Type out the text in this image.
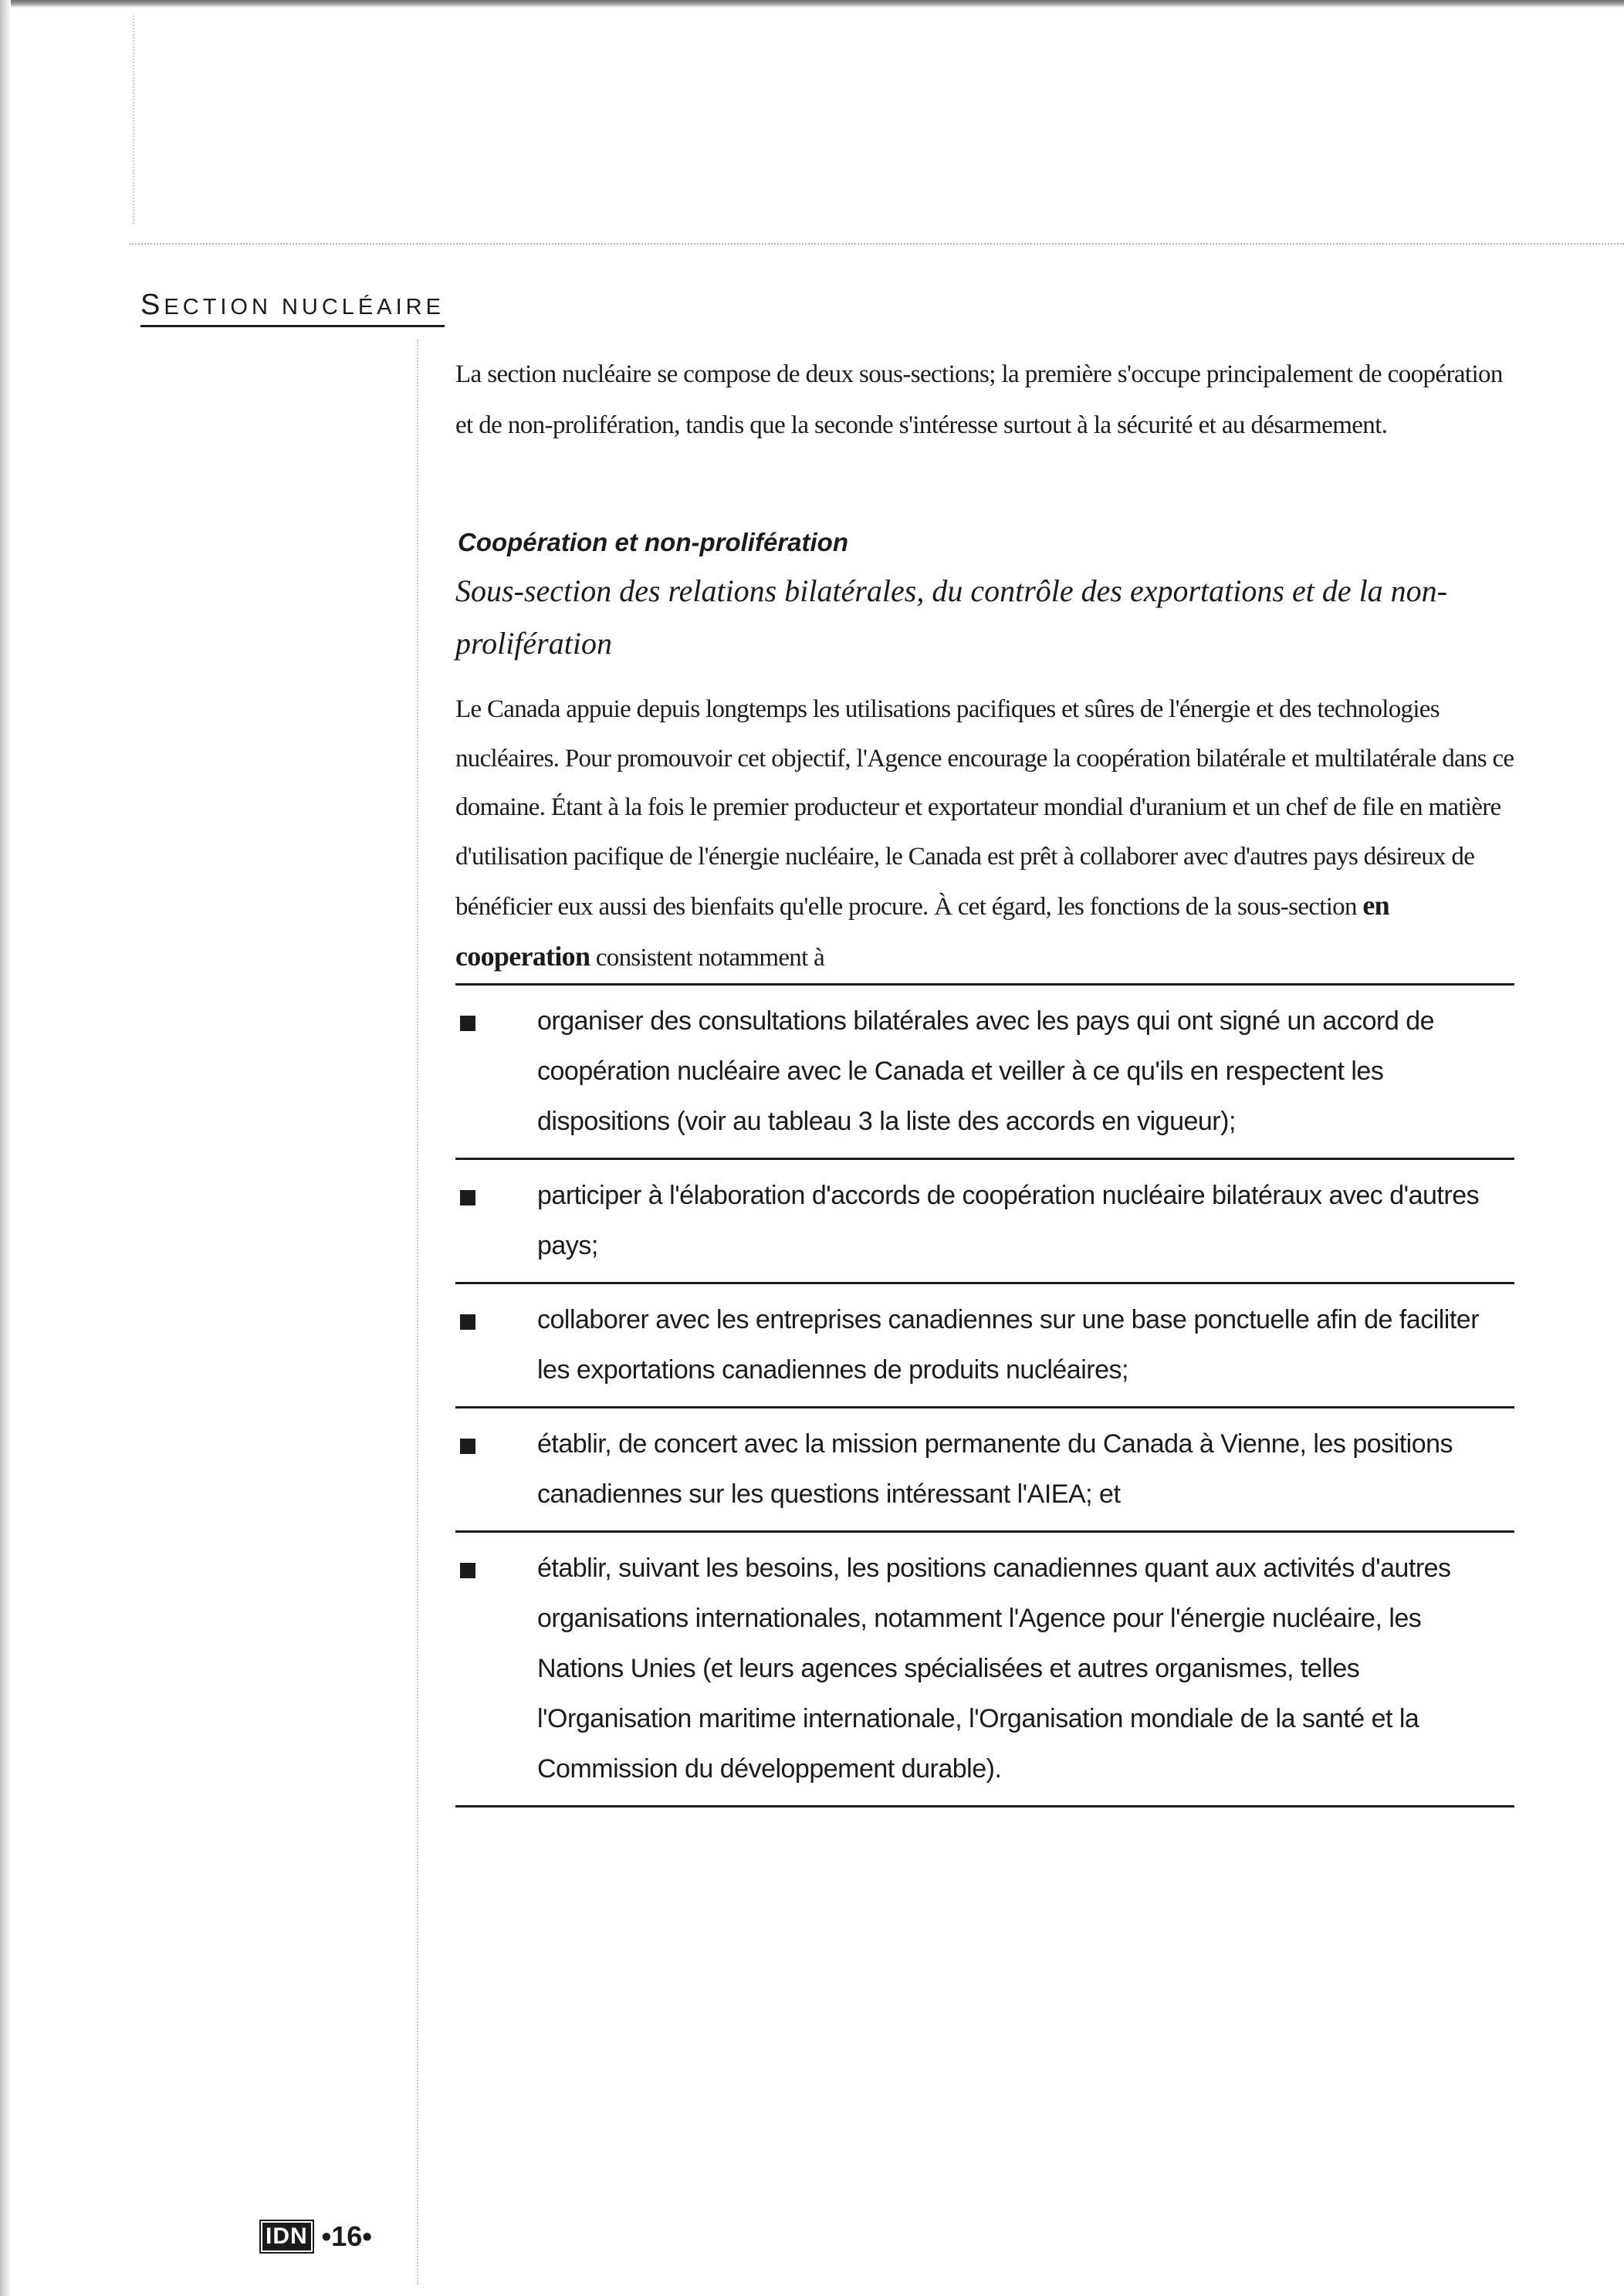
SECTION NUCLÉAIRE

La section nucléaire se compose de deux sous-sections; la première s'occupe principalement de coopération et de non-prolifération, tandis que la seconde s'intéresse surtout à la sécurité et au désarmement.

Coopération et non-prolifération
Sous-section des relations bilatérales, du contrôle des exportations et de la non-prolifération

Le Canada appuie depuis longtemps les utilisations pacifiques et sûres de l'énergie et des technologies nucléaires. Pour promouvoir cet objectif, l'Agence encourage la coopération bilatérale et multilatérale dans ce domaine. Étant à la fois le premier producteur et exportateur mondial d'uranium et un chef de file en matière d'utilisation pacifique de l'énergie nucléaire, le Canada est prêt à collaborer avec d'autres pays désireux de bénéficier eux aussi des bienfaits qu'elle procure. À cet égard, les fonctions de la sous-section en cooperation consistent notamment à

organiser des consultations bilatérales avec les pays qui ont signé un accord de coopération nucléaire avec le Canada et veiller à ce qu'ils en respectent les dispositions (voir au tableau 3 la liste des accords en vigueur);
participer à l'élaboration d'accords de coopération nucléaire bilatéraux avec d'autres pays;
collaborer avec les entreprises canadiennes sur une base ponctuelle afin de faciliter les exportations canadiennes de produits nucléaires;
établir, de concert avec la mission permanente du Canada à Vienne, les positions canadiennes sur les questions intéressant l'AIEA; et
établir, suivant les besoins, les positions canadiennes quant aux activités d'autres organisations internationales, notamment l'Agence pour l'énergie nucléaire, les Nations Unies (et leurs agences spécialisées et autres organismes, telles l'Organisation maritime internationale, l'Organisation mondiale de la santé et la Commission du développement durable).
IDN •16•
